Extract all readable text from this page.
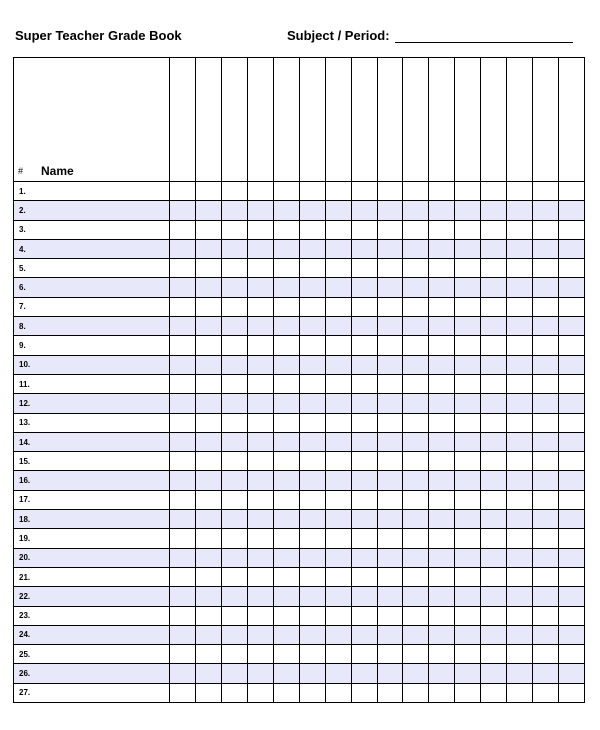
Super Teacher Grade Book	Subject / Period:
# Name																

1.																

2.																

3.																

4.																

5.																

6.																

7.																

8.																

9.																

10.																

11.																

12.																

13.																

14.																

15.																

16.																

17.																

18.																

19.																

20.																

21.																

22.																

23.																

24.																

25.																

26.																

27.																
